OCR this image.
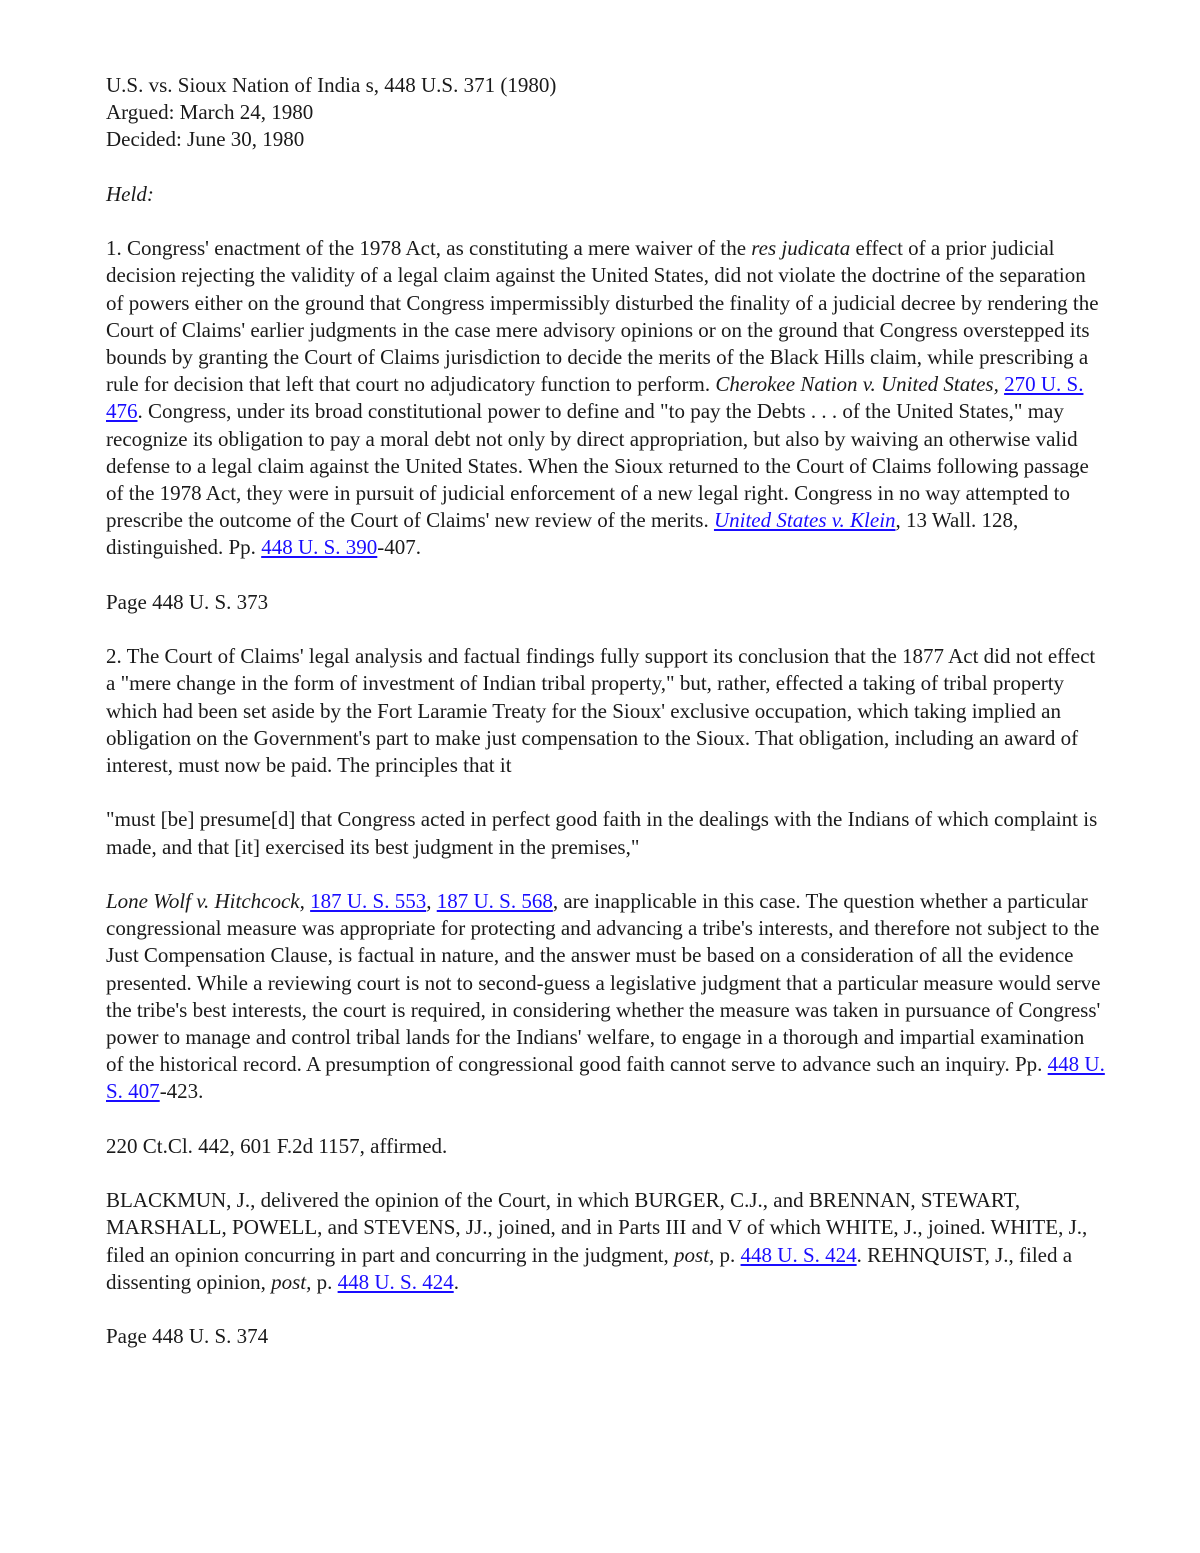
U.S. vs. Sioux Nation of India s, 448 U.S. 371 (1980)
Argued: March 24, 1980
Decided: June 30, 1980

Held:

1. Congress' enactment of the 1978 Act, as constituting a mere waiver of the res judicata effect of a prior judicial decision rejecting the validity of a legal claim against the United States, did not violate the doctrine of the separation of powers either on the ground that Congress impermissibly disturbed the finality of a judicial decree by rendering the Court of Claims' earlier judgments in the case mere advisory opinions or on the ground that Congress overstepped its bounds by granting the Court of Claims jurisdiction to decide the merits of the Black Hills claim, while prescribing a rule for decision that left that court no adjudicatory function to perform. Cherokee Nation v. United States, 270 U. S. 476. Congress, under its broad constitutional power to define and "to pay the Debts . . . of the United States," may recognize its obligation to pay a moral debt not only by direct appropriation, but also by waiving an otherwise valid defense to a legal claim against the United States. When the Sioux returned to the Court of Claims following passage of the 1978 Act, they were in pursuit of judicial enforcement of a new legal right. Congress in no way attempted to prescribe the outcome of the Court of Claims' new review of the merits. United States v. Klein, 13 Wall. 128, distinguished. Pp. 448 U. S. 390-407.

Page 448 U. S. 373

2. The Court of Claims' legal analysis and factual findings fully support its conclusion that the 1877 Act did not effect a "mere change in the form of investment of Indian tribal property," but, rather, effected a taking of tribal property which had been set aside by the Fort Laramie Treaty for the Sioux' exclusive occupation, which taking implied an obligation on the Government's part to make just compensation to the Sioux. That obligation, including an award of interest, must now be paid. The principles that it

"must [be] presume[d] that Congress acted in perfect good faith in the dealings with the Indians of which complaint is made, and that [it] exercised its best judgment in the premises,"

Lone Wolf v. Hitchcock, 187 U. S. 553, 187 U. S. 568, are inapplicable in this case. The question whether a particular congressional measure was appropriate for protecting and advancing a tribe's interests, and therefore not subject to the Just Compensation Clause, is factual in nature, and the answer must be based on a consideration of all the evidence presented. While a reviewing court is not to second-guess a legislative judgment that a particular measure would serve the tribe's best interests, the court is required, in considering whether the measure was taken in pursuance of Congress' power to manage and control tribal lands for the Indians' welfare, to engage in a thorough and impartial examination of the historical record. A presumption of congressional good faith cannot serve to advance such an inquiry. Pp. 448 U. S. 407-423.

220 Ct.Cl. 442, 601 F.2d 1157, affirmed.

BLACKMUN, J., delivered the opinion of the Court, in which BURGER, C.J., and BRENNAN, STEWART, MARSHALL, POWELL, and STEVENS, JJ., joined, and in Parts III and V of which WHITE, J., joined. WHITE, J., filed an opinion concurring in part and concurring in the judgment, post, p. 448 U. S. 424. REHNQUIST, J., filed a dissenting opinion, post, p. 448 U. S. 424.

Page 448 U. S. 374
